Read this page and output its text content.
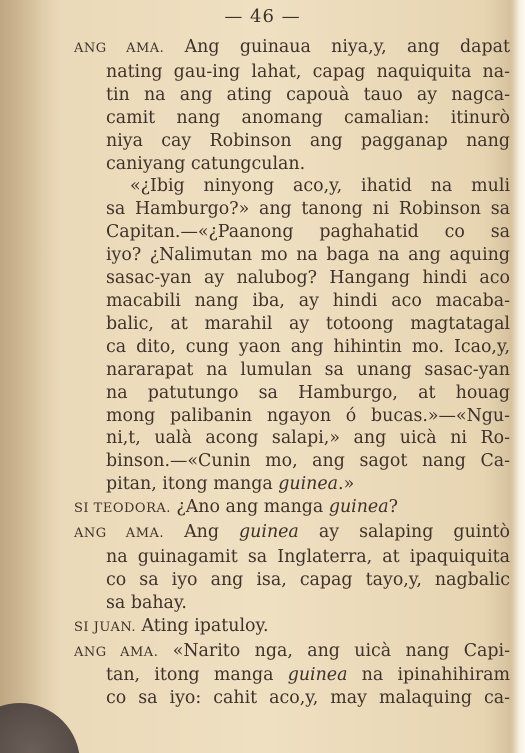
— 46 —
ANG AMA. Ang guinaua niya,y, ang dapat
nating gau-ing lahat, capag naquiquita na-
tin na ang ating capouà tauo ay nagca-
camit nang anomang camalian: itinurò
niya cay Robinson ang pagganap nang
caniyang catungculan.
«¿Ibig ninyong aco,y, ihatid na muli
sa Hamburgo?» ang tanong ni Robinson sa
Capitan.—«¿Paanong paghahatid co sa
iyo? ¿Nalimutan mo na baga na ang aquing
sasac-yan ay nalubog? Hangang hindi aco
macabili nang iba, ay hindi aco macaba-
balic, at marahil ay totoong magtatagal
ca dito, cung yaon ang hihintin mo. Icao,y,
nararapat na lumulan sa unang sasac-yan
na patutungo sa Hamburgo, at houag
mong palibanin ngayon ó bucas.»—«Ngu-
ni,t, ualà acong salapi,» ang uicà ni Ro-
binson.—«Cunin mo, ang sagot nang Ca-
pitan, itong manga guinea.»
SI TEODORA. ¿Ano ang manga guinea?
ANG AMA. Ang guinea ay salaping guintò
na guinagamit sa Inglaterra, at ipaquiquita
co sa iyo ang isa, capag tayo,y, nagbalic
sa bahay.
SI JUAN. Ating ipatuloy.
ANG AMA. «Narito nga, ang uicà nang Capi-
tan, itong manga guinea na ipinahihiram
co sa iyo: cahit aco,y, may malaquing ca-
